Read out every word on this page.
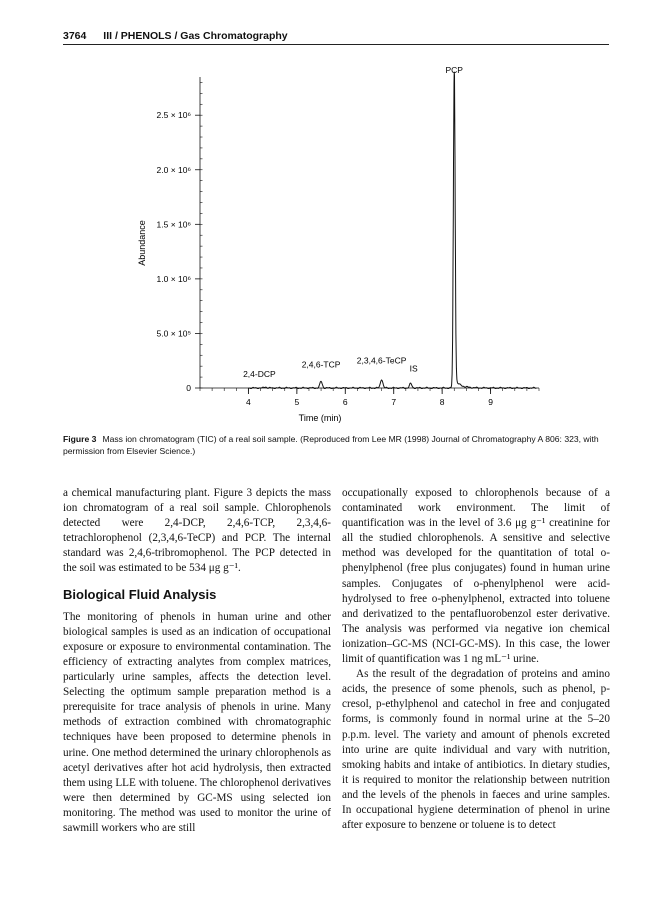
3764 III / PHENOLS / Gas Chromatography
0
5.0 × 10⁵
1.0 × 10⁶
1.5 × 10⁶
2.0 × 10⁶
2.5 × 10⁶
4	5	6	7	8	9
2,4-DCP
2,4,6-TCP 2,3,4,6-TeCP
IS
PCP
Abundance
Time (min)
Figure 3 Mass ion chromatogram (TIC) of a real soil sample. (Reproduced from Lee MR (1998) Journal of Chromatography A 806: 323, with permission from Elsevier Science.)

a chemical manufacturing plant. Figure 3 depicts the mass ion chromatogram of a real soil sample. Chlorophenols detected were 2,4-DCP, 2,4,6-TCP, 2,3,4,6-tetrachlorophenol (2,3,4,6-TeCP) and PCP. The internal standard was 2,4,6-tribromophenol. The PCP detected in the soil was estimated to be 534 μg g⁻¹.

Biological Fluid Analysis

The monitoring of phenols in human urine and other biological samples is used as an indication of occupational exposure or exposure to environmental contamination. The efficiency of extracting analytes from complex matrices, particularly urine samples, affects the detection level. Selecting the optimum sample preparation method is a prerequisite for trace analysis of phenols in urine. Many methods of extraction combined with chromatographic techniques have been proposed to determine phenols in urine. One method determined the urinary chlorophenols as acetyl derivatives after hot acid hydrolysis, then extracted them using LLE with toluene. The chlorophenol derivatives were then determined by GC-MS using selected ion monitoring. The method was used to monitor the urine of sawmill workers who are still

occupationally exposed to chlorophenols because of a contaminated work environment. The limit of quantification was in the level of 3.6 μg g⁻¹ creatinine for all the studied chlorophenols. A sensitive and selective method was developed for the quantitation of total o-phenylphenol (free plus conjugates) found in human urine samples. Conjugates of o-phenylphenol were acid-hydrolysed to free o-phenylphenol, extracted into toluene and derivatized to the pentafluorobenzol ester derivative. The analysis was performed via negative ion chemical ionization–GC-MS (NCI-GC-MS). In this case, the lower limit of quantification was 1 ng mL⁻¹ urine.

As the result of the degradation of proteins and amino acids, the presence of some phenols, such as phenol, p-cresol, p-ethylphenol and catechol in free and conjugated forms, is commonly found in normal urine at the 5–20 p.p.m. level. The variety and amount of phenols excreted into urine are quite individual and vary with nutrition, smoking habits and intake of antibiotics. In dietary studies, it is required to monitor the relationship between nutrition and the levels of the phenols in faeces and urine samples. In occupational hygiene determination of phenol in urine after exposure to benzene or toluene is to detect
